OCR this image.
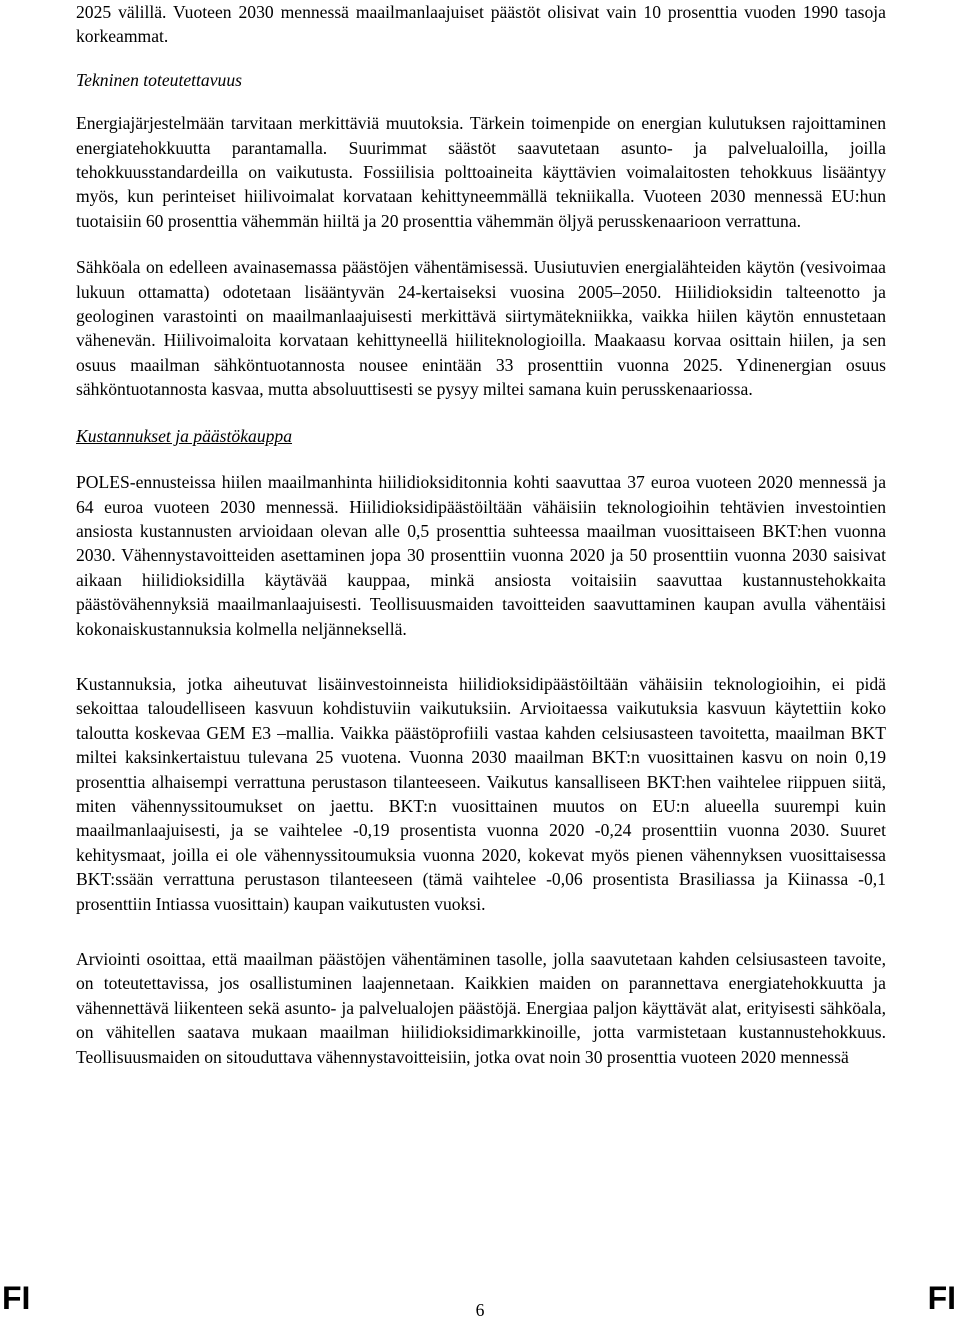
2025 välillä. Vuoteen 2030 mennessä maailmanlaajuiset päästöt olisivat vain 10 prosenttia vuoden 1990 tasoja korkeammat.

Tekninen toteutettavuus

Energiajärjestelmään tarvitaan merkittäviä muutoksia. Tärkein toimenpide on energian kulutuksen rajoittaminen energiatehokkuutta parantamalla. Suurimmat säästöt saavutetaan asunto- ja palvelualoilla, joilla tehokkuusstandardeilla on vaikutusta. Fossiilisia polttoaineita käyttävien voimalaitosten tehokkuus lisääntyy myös, kun perinteiset hiilivoimalat korvataan kehittyneemmällä tekniikalla. Vuoteen 2030 mennessä EU:hun tuotaisiin 60 prosenttia vähemmän hiiltä ja 20 prosenttia vähemmän öljyä perusskenaarioon verrattuna.

Sähköala on edelleen avainasemassa päästöjen vähentämisessä. Uusiutuvien energialähteiden käytön (vesivoimaa lukuun ottamatta) odotetaan lisääntyvän 24-kertaiseksi vuosina 2005–2050. Hiilidioksidin talteenotto ja geologinen varastointi on maailmanlaajuisesti merkittävä siirtymätekniikka, vaikka hiilen käytön ennustetaan vähenevän. Hiilivoimaloita korvataan kehittyneellä hiiliteknologioilla. Maakaasu korvaa osittain hiilen, ja sen osuus maailman sähköntuotannosta nousee enintään 33 prosenttiin vuonna 2025. Ydinenergian osuus sähköntuotannosta kasvaa, mutta absoluuttisesti se pysyy miltei samana kuin perusskenaariossa.

Kustannukset ja päästökauppa

POLES-ennusteissa hiilen maailmanhinta hiilidioksiditonnia kohti saavuttaa 37 euroa vuoteen 2020 mennessä ja 64 euroa vuoteen 2030 mennessä. Hiilidioksidipäästöiltään vähäisiin teknologioihin tehtävien investointien ansiosta kustannusten arvioidaan olevan alle 0,5 prosenttia suhteessa maailman vuosittaiseen BKT:hen vuonna 2030. Vähennystavoitteiden asettaminen jopa 30 prosenttiin vuonna 2020 ja 50 prosenttiin vuonna 2030 saisivat aikaan hiilidioksidilla käytävää kauppaa, minkä ansiosta voitaisiin saavuttaa kustannustehokkaita päästövähennyksiä maailmanlaajuisesti. Teollisuusmaiden tavoitteiden saavuttaminen kaupan avulla vähentäisi kokonaiskustannuksia kolmella neljänneksellä.

Kustannuksia, jotka aiheutuvat lisäinvestoinneista hiilidioksidipäästöiltään vähäisiin teknologioihin, ei pidä sekoittaa taloudelliseen kasvuun kohdistuviin vaikutuksiin. Arvioitaessa vaikutuksia kasvuun käytettiin koko taloutta koskevaa GEM E3 –mallia. Vaikka päästöprofiili vastaa kahden celsiusasteen tavoitetta, maailman BKT miltei kaksinkertaistuu tulevana 25 vuotena. Vuonna 2030 maailman BKT:n vuosittainen kasvu on noin 0,19 prosenttia alhaisempi verrattuna perustason tilanteeseen. Vaikutus kansalliseen BKT:hen vaihtelee riippuen siitä, miten vähennyssitoumukset on jaettu. BKT:n vuosittainen muutos on EU:n alueella suurempi kuin maailmanlaajuisesti, ja se vaihtelee -0,19 prosentista vuonna 2020 -0,24 prosenttiin vuonna 2030. Suuret kehitysmaat, joilla ei ole vähennyssitoumuksia vuonna 2020, kokevat myös pienen vähennyksen vuosittaisessa BKT:ssään verrattuna perustason tilanteeseen (tämä vaihtelee -0,06 prosentista Brasiliassa ja Kiinassa -0,1 prosenttiin Intiassa vuosittain) kaupan vaikutusten vuoksi.

Arviointi osoittaa, että maailman päästöjen vähentäminen tasolle, jolla saavutetaan kahden celsiusasteen tavoite, on toteutettavissa, jos osallistuminen laajennetaan. Kaikkien maiden on parannettava energiatehokkuutta ja vähennettävä liikenteen sekä asunto- ja palvelualojen päästöjä. Energiaa paljon käyttävät alat, erityisesti sähköala, on vähitellen saatava mukaan maailman hiilidioksidimarkkinoille, jotta varmistetaan kustannustehokkuus. Teollisuusmaiden on sitouduttava vähennystavoitteisiin, jotka ovat noin 30 prosenttia vuoteen 2020 mennessä

FI	6	FI
